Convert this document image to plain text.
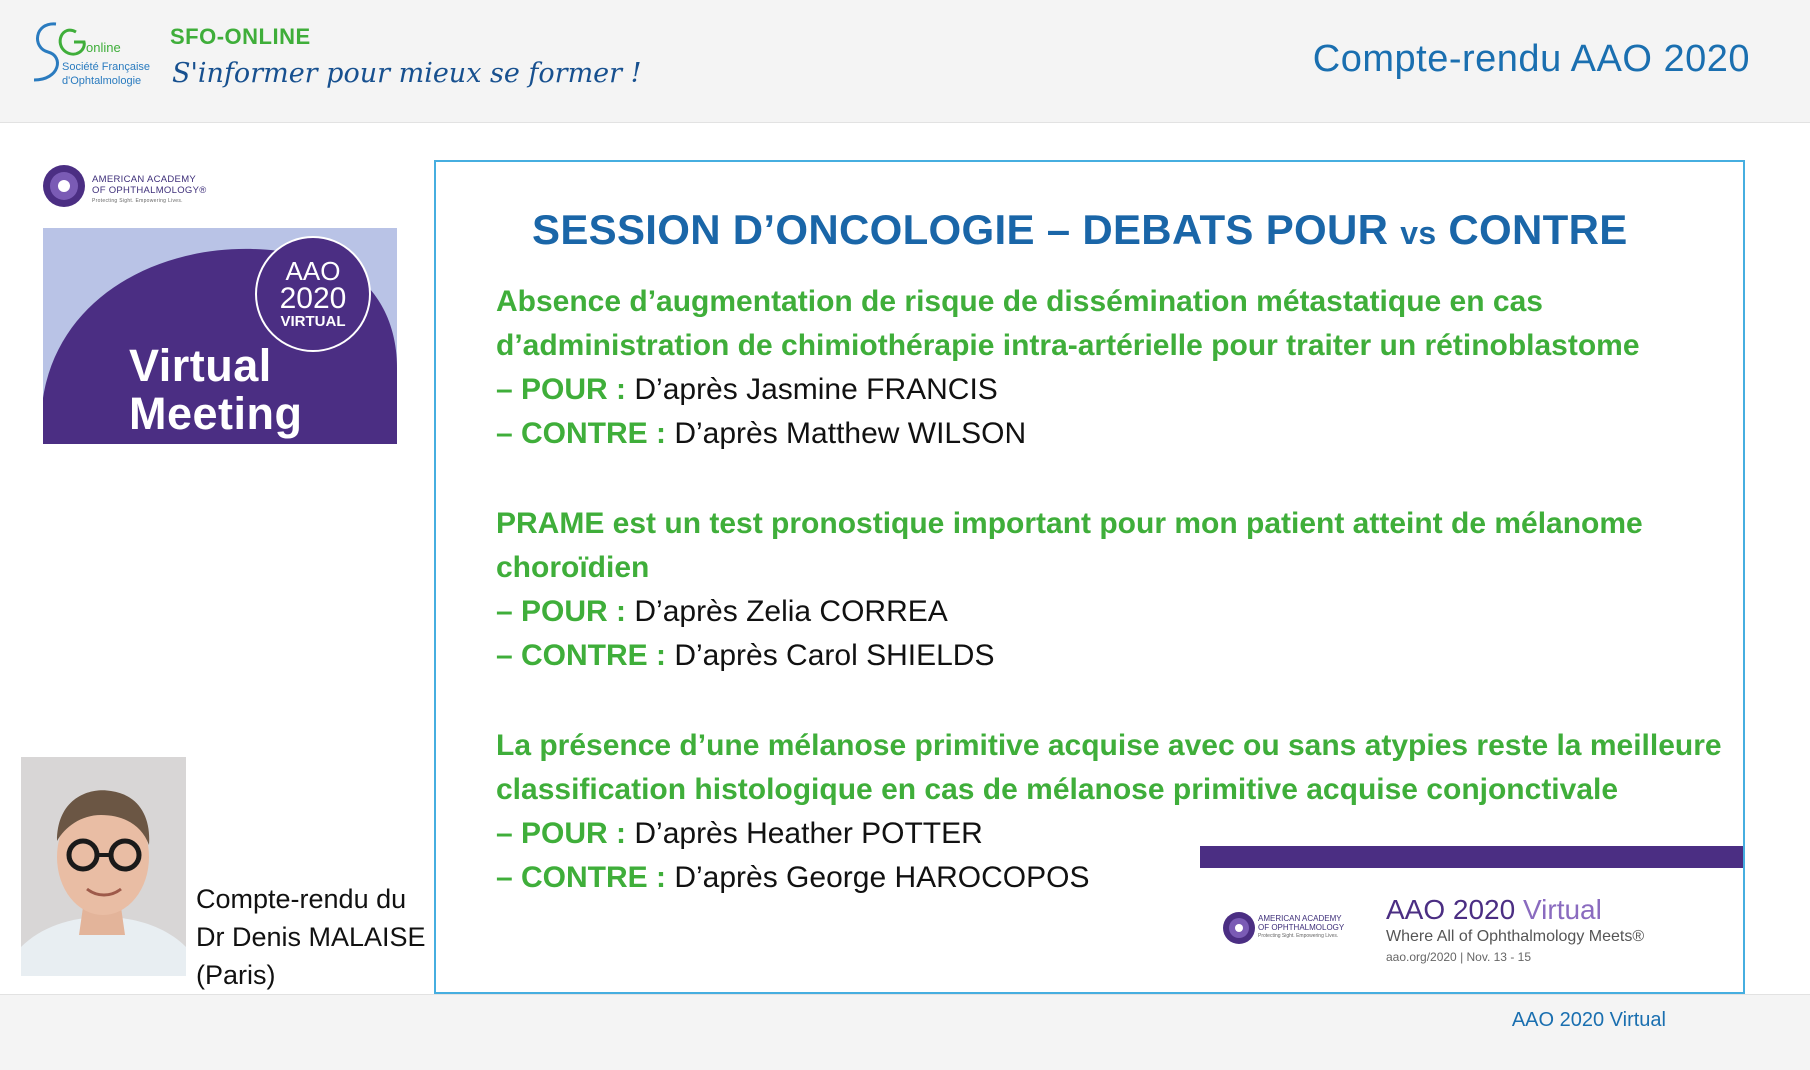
online
Société Française
d'Ophtalmologie
SFO-ONLINE
S'informer pour mieux se former !	Compte-rendu AAO 2020
AMERICAN ACADEMY
OF OPHTHALMOLOGY®
Protecting Sight. Empowering Lives.
AAO
2020
VIRTUAL
Virtual
Meeting
Compte-rendu du
Dr Denis MALAISE
(Paris)
SESSION D’ONCOLOGIE – DEBATS POUR vs CONTRE
Absence d’augmentation de risque de dissémination métastatique en cas
d’administration de chimiothérapie intra-artérielle pour traiter un rétinoblastome
– POUR : D’après Jasmine FRANCIS
– CONTRE : D’après Matthew WILSON
PRAME est un test pronostique important pour mon patient atteint de mélanome
choroïdien
– POUR : D’après Zelia CORREA
– CONTRE : D’après Carol SHIELDS
La présence d’une mélanose primitive acquise avec ou sans atypies reste la meilleure
classification histologique en cas de mélanose primitive acquise conjonctivale
– POUR : D’après Heather POTTER
– CONTRE : D’après George HAROCOPOS
AMERICAN ACADEMY
OF OPHTHALMOLOGY
Protecting Sight. Empowering Lives.
AAO 2020 Virtual
Where All of Ophthalmology Meets®
aao.org/2020 | Nov. 13 - 15
AAO 2020 Virtual
